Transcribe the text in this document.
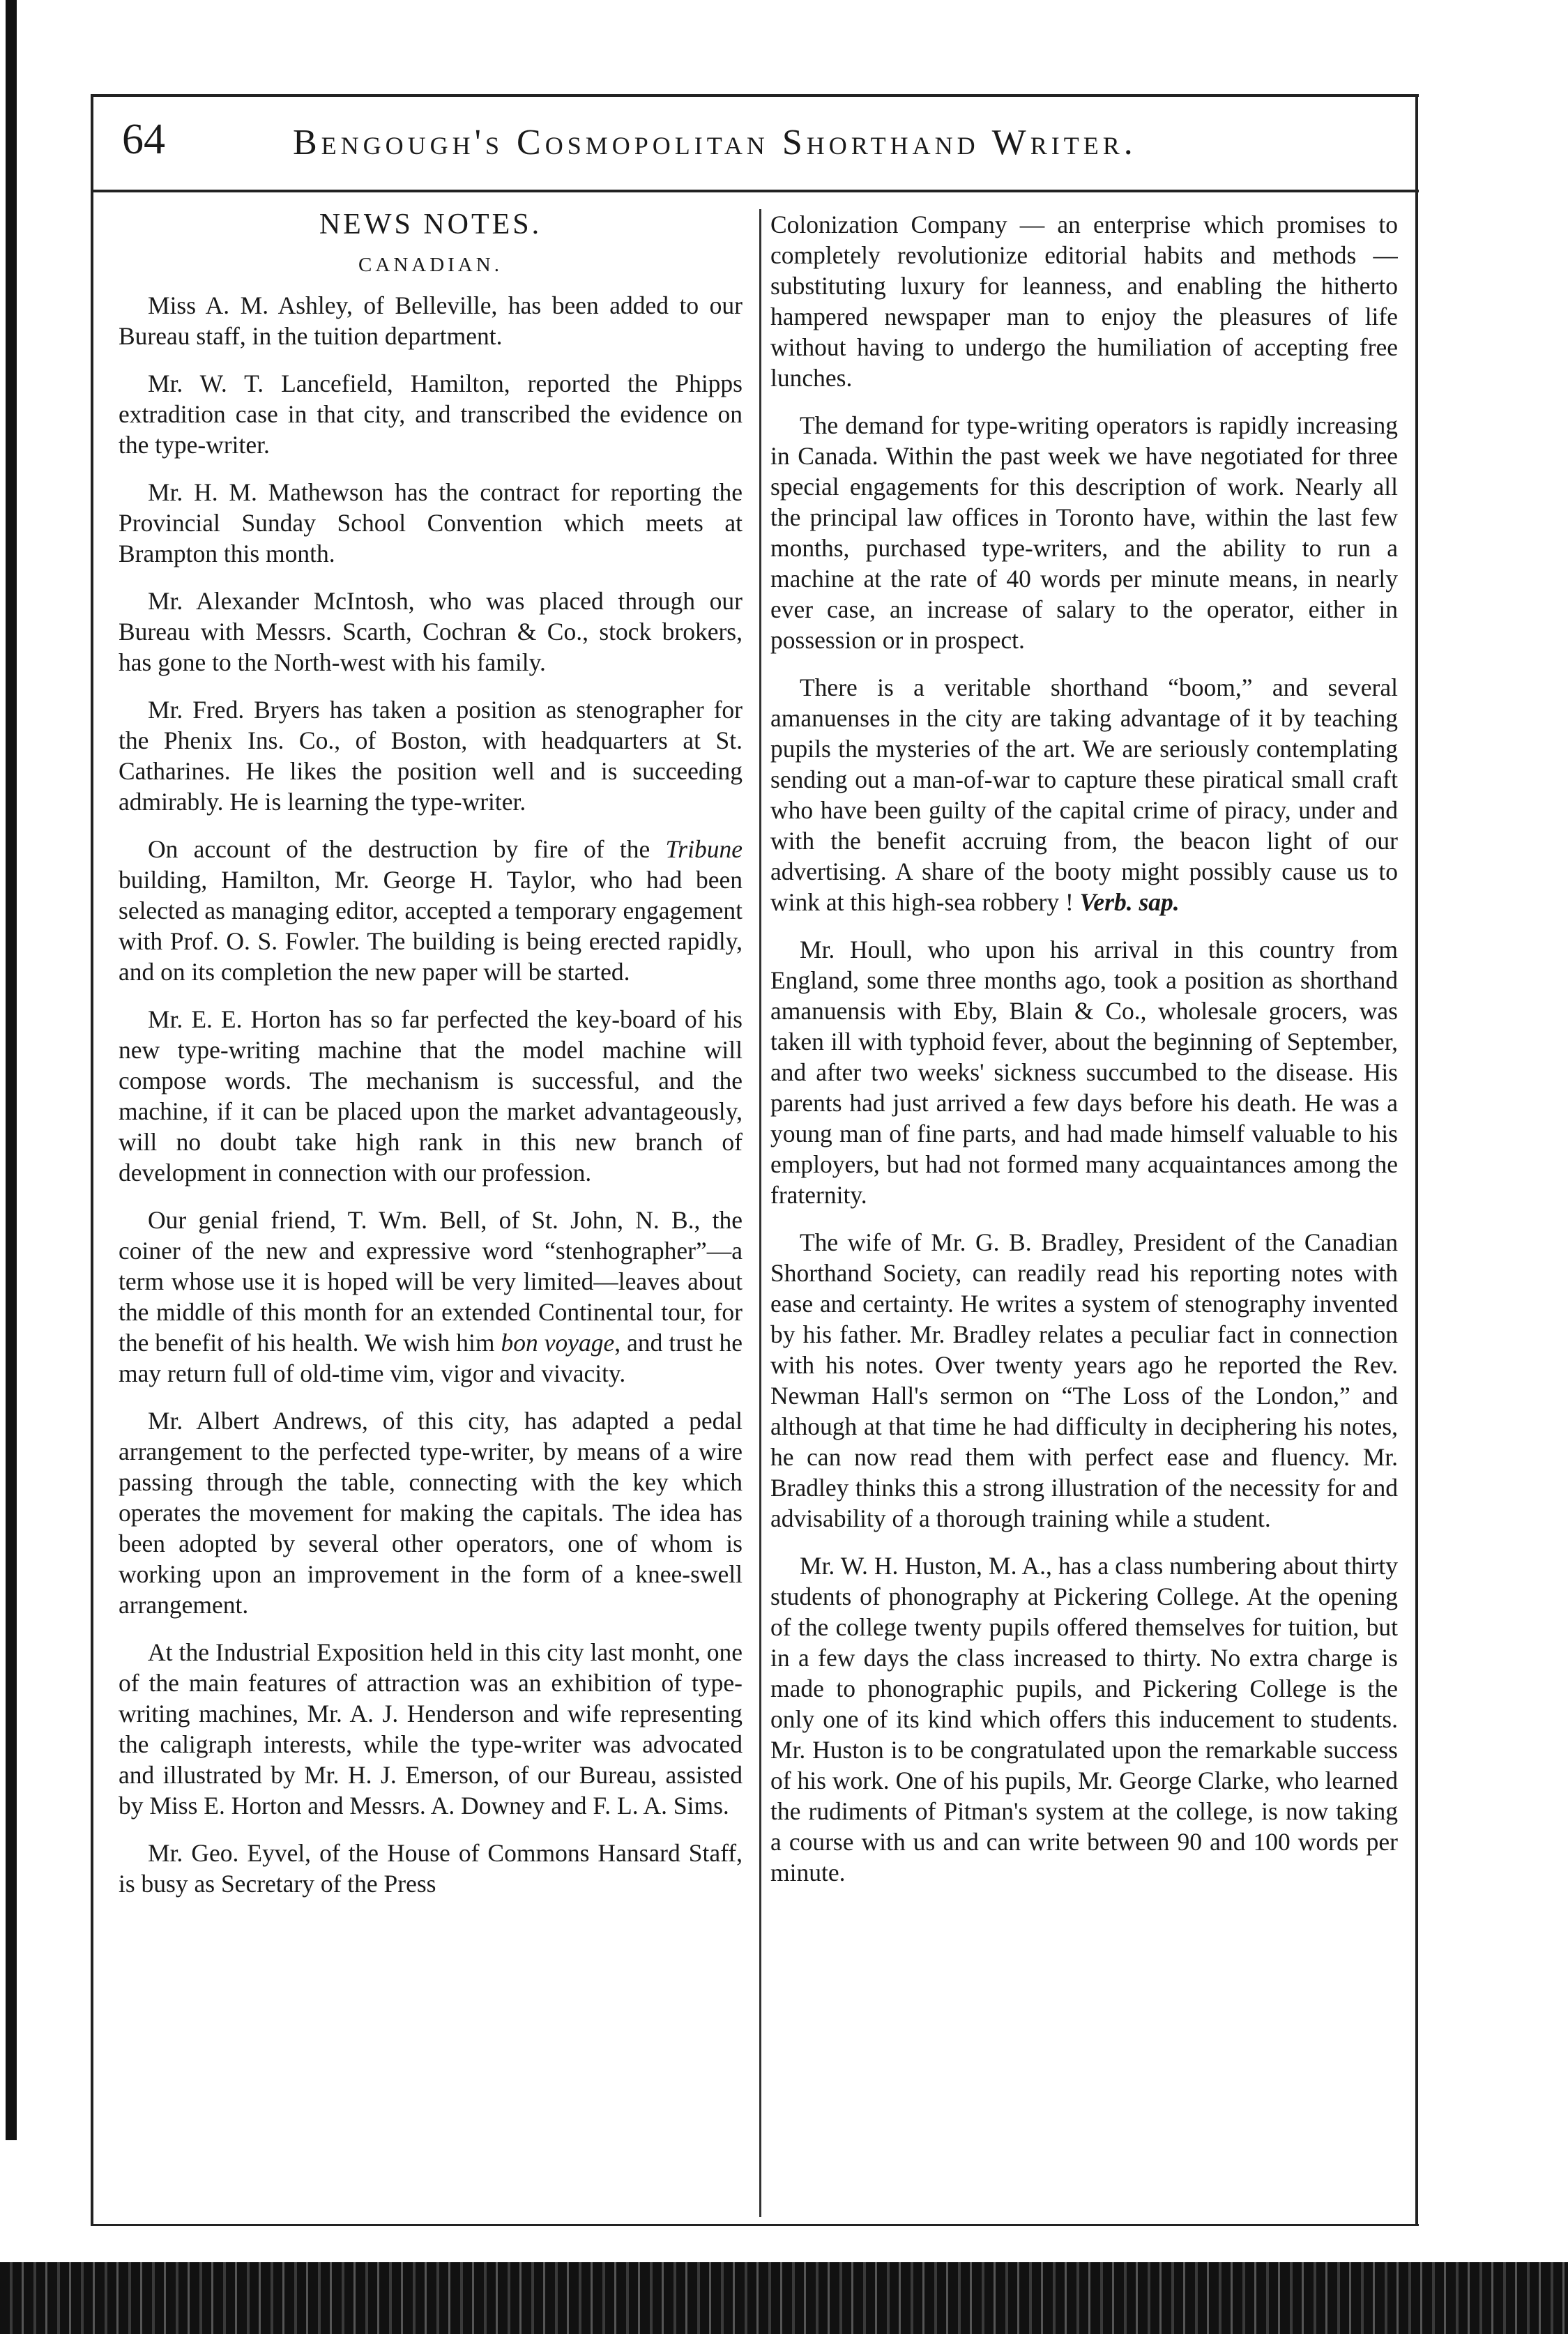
64	Bengough's Cosmopolitan Shorthand Writer.
NEWS NOTES.
CANADIAN.

Miss A. M. Ashley, of Belleville, has been added to our Bureau staff, in the tuition department.

Mr. W. T. Lancefield, Hamilton, reported the Phipps extradition case in that city, and transcribed the evidence on the type-writer.

Mr. H. M. Mathewson has the contract for reporting the Provincial Sunday School Convention which meets at Brampton this month.

Mr. Alexander McIntosh, who was placed through our Bureau with Messrs. Scarth, Cochran & Co., stock brokers, has gone to the North-west with his family.

Mr. Fred. Bryers has taken a position as stenographer for the Phenix Ins. Co., of Boston, with headquarters at St. Catharines. He likes the position well and is succeeding admirably. He is learning the type-writer.

On account of the destruction by fire of the Tribune building, Hamilton, Mr. George H. Taylor, who had been selected as managing editor, accepted a temporary engagement with Prof. O. S. Fowler. The building is being erected rapidly, and on its completion the new paper will be started.

Mr. E. E. Horton has so far perfected the key-board of his new type-writing machine that the model machine will compose words. The mechanism is successful, and the machine, if it can be placed upon the market advantageously, will no doubt take high rank in this new branch of development in connection with our profession.

Our genial friend, T. Wm. Bell, of St. John, N. B., the coiner of the new and expressive word “stenhographer”—a term whose use it is hoped will be very limited—leaves about the middle of this month for an extended Continental tour, for the benefit of his health. We wish him bon voyage, and trust he may return full of old-time vim, vigor and vivacity.

Mr. Albert Andrews, of this city, has adapted a pedal arrangement to the perfected type-writer, by means of a wire passing through the table, connecting with the key which operates the movement for making the capitals. The idea has been adopted by several other operators, one of whom is working upon an improvement in the form of a knee-swell arrangement.

At the Industrial Exposition held in this city last monht, one of the main features of attraction was an exhibition of type-writing machines, Mr. A. J. Henderson and wife representing the caligraph interests, while the type-writer was advocated and illustrated by Mr. H. J. Emerson, of our Bureau, assisted by Miss E. Horton and Messrs. A. Downey and F. L. A. Sims.

Mr. Geo. Eyvel, of the House of Commons Hansard Staff, is busy as Secretary of the Press

Colonization Company — an enterprise which promises to completely revolutionize editorial habits and methods — substituting luxury for leanness, and enabling the hitherto hampered newspaper man to enjoy the pleasures of life without having to undergo the humiliation of accepting free lunches.

The demand for type-writing operators is rapidly increasing in Canada. Within the past week we have negotiated for three special engagements for this description of work. Nearly all the principal law offices in Toronto have, within the last few months, purchased type-writers, and the ability to run a machine at the rate of 40 words per minute means, in nearly ever case, an increase of salary to the operator, either in possession or in prospect.

There is a veritable shorthand “boom,” and several amanuenses in the city are taking advantage of it by teaching pupils the mysteries of the art. We are seriously contemplating sending out a man-of-war to capture these piratical small craft who have been guilty of the capital crime of piracy, under and with the benefit accruing from, the beacon light of our advertising. A share of the booty might possibly cause us to wink at this high-sea robbery ! Verb. sap.

Mr. Houll, who upon his arrival in this country from England, some three months ago, took a position as shorthand amanuensis with Eby, Blain & Co., wholesale grocers, was taken ill with typhoid fever, about the beginning of September, and after two weeks' sickness succumbed to the disease. His parents had just arrived a few days before his death. He was a young man of fine parts, and had made himself valuable to his employers, but had not formed many acquaintances among the fraternity.

The wife of Mr. G. B. Bradley, President of the Canadian Shorthand Society, can readily read his reporting notes with ease and certainty. He writes a system of stenography invented by his father. Mr. Bradley relates a peculiar fact in connection with his notes. Over twenty years ago he reported the Rev. Newman Hall's sermon on “The Loss of the London,” and although at that time he had difficulty in deciphering his notes, he can now read them with perfect ease and fluency. Mr. Bradley thinks this a strong illustration of the necessity for and advisability of a thorough training while a student.

Mr. W. H. Huston, M. A., has a class numbering about thirty students of phonography at Pickering College. At the opening of the college twenty pupils offered themselves for tuition, but in a few days the class increased to thirty. No extra charge is made to phonographic pupils, and Pickering College is the only one of its kind which offers this inducement to students. Mr. Huston is to be congratulated upon the remarkable success of his work. One of his pupils, Mr. George Clarke, who learned the rudiments of Pitman's system at the college, is now taking a course with us and can write between 90 and 100 words per minute.
